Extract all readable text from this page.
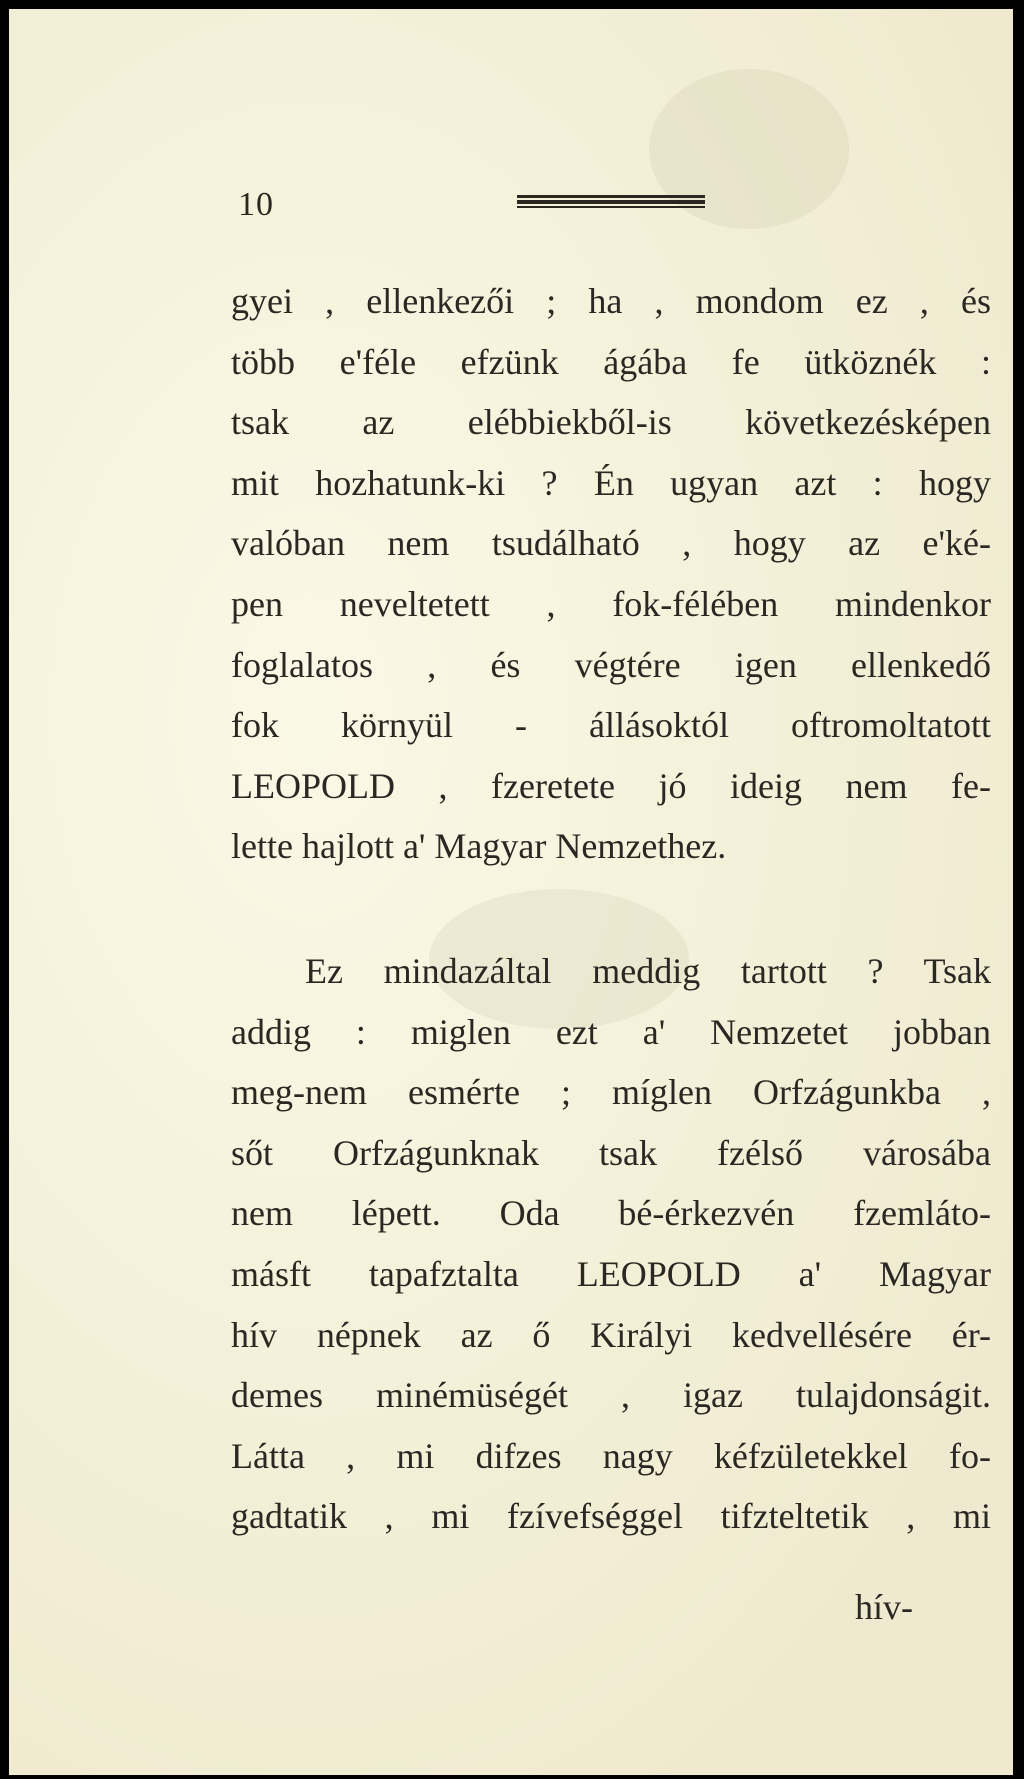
10
gyei , ellenkezői ; ha , mondom ez , és
több e'féle efzünk ágába fe ütköznék :
tsak az elébbiekből-is következésképen
mit hozhatunk-ki ? Én ugyan azt : hogy
valóban nem tsudálható , hogy az e'ké-
pen neveltetett , fok-félében mindenkor
foglalatos , és végtére igen ellenkedő
fok környül - állásoktól oftromoltatott
LEOPOLD , fzeretete jó ideig nem fe-
lette hajlott a' Magyar Nemzethez.
Ez mindazáltal meddig tartott ? Tsak
addig : miglen ezt a' Nemzetet jobban
meg-nem esmérte ; míglen Orfzágunkba ,
sőt Orfzágunknak tsak fzélső városába
nem lépett. Oda bé-érkezvén fzemláto-
másft tapafztalta LEOPOLD a' Magyar
hív népnek az ő Királyi kedvellésére ér-
demes minémüségét , igaz tulajdonságit.
Látta , mi difzes nagy kéfzületekkel fo-
gadtatik , mi fzívefséggel tifzteltetik , mi
hív-
